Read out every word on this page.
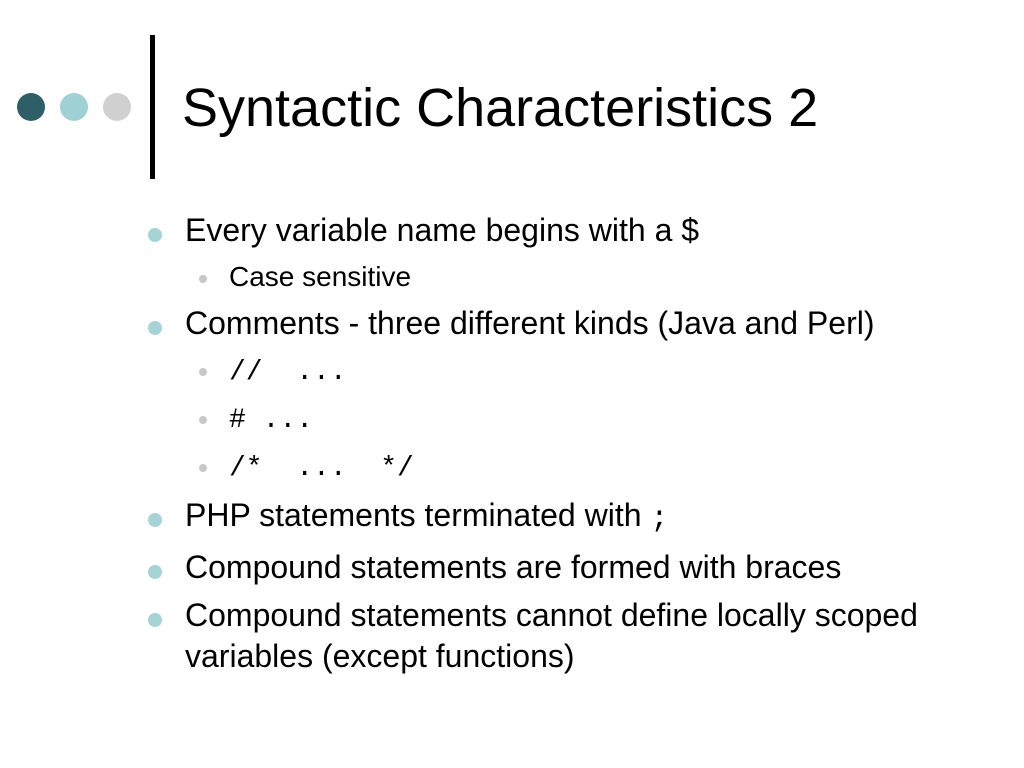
Syntactic Characteristics 2
Every variable name begins with a $
Case sensitive
Comments - three different kinds (Java and Perl)
//  ...
# ...
/*  ...  */
PHP statements terminated with ;
Compound statements are formed with braces
Compound statements cannot define locally scoped variables (except functions)
